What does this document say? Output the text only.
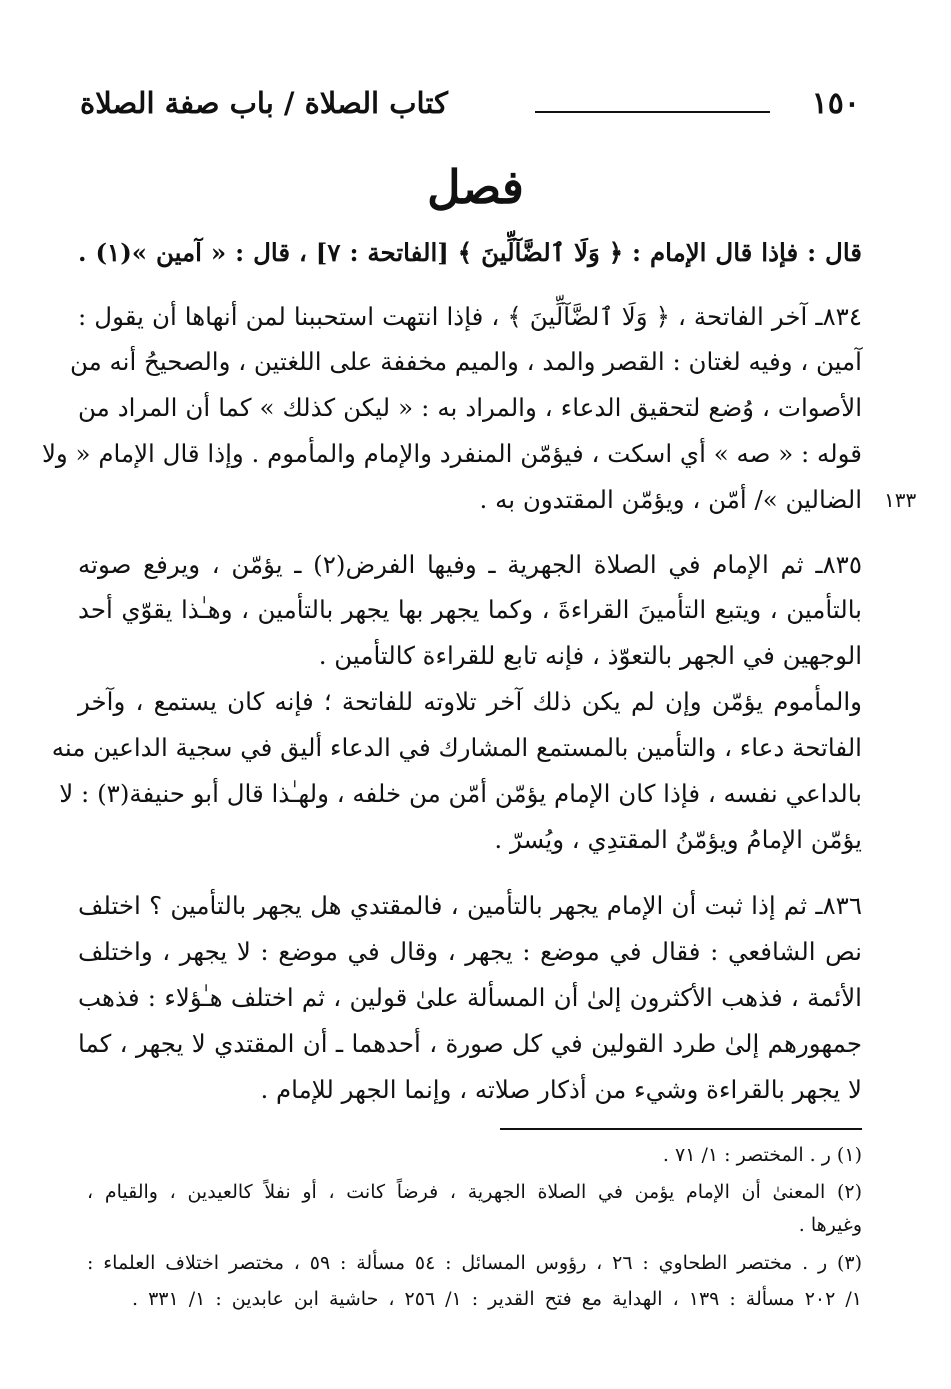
١٥٠
كتاب الصلاة / باب صفة الصلاة
فصل
قال : فإذا قال الإمام : ﴿ وَلَا ٱلضَّآلِّينَ ﴾ [الفاتحة : ٧] ، قال : « آمين »(١) .
٨٣٤ـ آخر الفاتحة ، ﴿ وَلَا ٱلضَّآلِّينَ ﴾ ، فإذا انتهت استحببنا لمن أنهاها أن يقول :
آمين ، وفيه لغتان : القصر والمد ، والميم مخففة على اللغتين ، والصحيحُ أنه من
الأصوات ، وُضع لتحقيق الدعاء ، والمراد به : « ليكن كذلك » كما أن المراد من
قوله : « صه » أي اسكت ، فيؤمّن المنفرد والإمام والمأموم . وإذا قال الإمام « ولا
الضالين »/ أمّن ، ويؤمّن المقتدون به .
٨٣٥ـ ثم الإمام في الصلاة الجهرية ـ وفيها الفرض(٢) ـ يؤمّن ، ويرفع صوته
بالتأمين ، ويتبع التأمينَ القراءةَ ، وكما يجهر بها يجهر بالتأمين ، وهـٰذا يقوّي أحد
الوجهين في الجهر بالتعوّذ ، فإنه تابع للقراءة كالتأمين .
والمأموم يؤمّن وإن لم يكن ذلك آخر تلاوته للفاتحة ؛ فإنه كان يستمع ، وآخر
الفاتحة دعاء ، والتأمين بالمستمع المشارك في الدعاء أليق في سجية الداعين منه
بالداعي نفسه ، فإذا كان الإمام يؤمّن أمّن من خلفه ، ولهـٰذا قال أبو حنيفة(٣) : لا
يؤمّن الإمامُ ويؤمّنُ المقتدِي ، ويُسرّ .
٨٣٦ـ ثم إذا ثبت أن الإمام يجهر بالتأمين ، فالمقتدي هل يجهر بالتأمين ؟ اختلف
نص الشافعي : فقال في موضع : يجهر ، وقال في موضع : لا يجهر ، واختلف
الأئمة ، فذهب الأكثرون إلىٰ أن المسألة علىٰ قولين ، ثم اختلف هـٰؤلاء : فذهب
جمهورهم إلىٰ طرد القولين في كل صورة ، أحدهما ـ أن المقتدي لا يجهر ، كما
لا يجهر بالقراءة وشيء من أذكار صلاته ، وإنما الجهر للإمام .
١٣٣
(١) ر . المختصر : ١/ ٧١ .
(٢) المعنىٰ أن الإمام يؤمن في الصلاة الجهرية ، فرضاً كانت ، أو نفلاً كالعيدين ، والقيام ،
وغيرها .
(٣) ر . مختصر الطحاوي : ٢٦ ، رؤوس المسائل : ٥٤ مسألة : ٥٩ ، مختصر اختلاف العلماء :
١/ ٢٠٢ مسألة : ١٣٩ ، الهداية مع فتح القدير : ١/ ٢٥٦ ، حاشية ابن عابدين : ١/ ٣٣١ .
